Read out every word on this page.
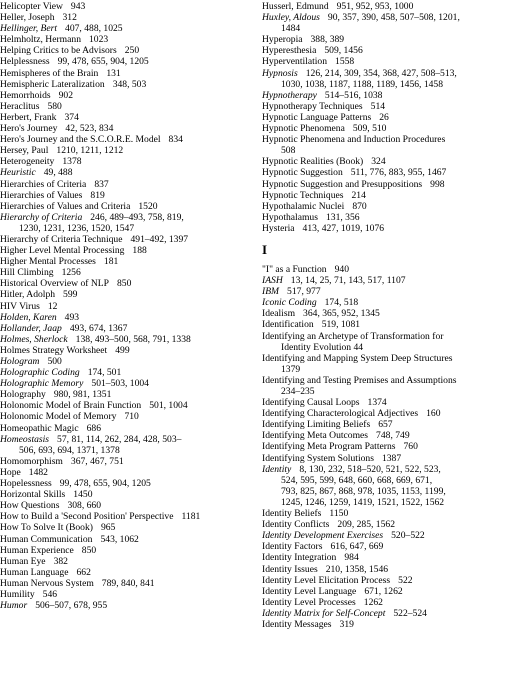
Helicopter View 943
Heller, Joseph 312
Hellinger, Bert 407, 488, 1025
Helmholtz, Hermann 1023
Helping Critics to be Advisors 250
Helplessness 99, 478, 655, 904, 1205
Hemispheres of the Brain 131
Hemispheric Lateralization 348, 503
Hemorrhoids 902
Heraclitus 580
Herbert, Frank 374
Hero's Journey 42, 523, 834
Hero's Journey and the S.C.O.R.E. Model 834
Hersey, Paul 1210, 1211, 1212
Heterogeneity 1378
Heuristic 49, 488
Hierarchies of Criteria 837
Hierarchies of Values 819
Hierarchies of Values and Criteria 1520
Hierarchy of Criteria 246, 489–493, 758, 819,
1230, 1231, 1236, 1520, 1547
Hierarchy of Criteria Technique 491–492, 1397
Higher Level Mental Processing 188
Higher Mental Processes 181
Hill Climbing 1256
Historical Overview of NLP 850
Hitler, Adolph 599
HIV Virus 12
Holden, Karen 493
Hollander, Jaap 493, 674, 1367
Holmes, Sherlock 138, 493–500, 568, 791, 1338
Holmes Strategy Worksheet 499
Hologram 500
Holographic Coding 174, 501
Holographic Memory 501–503, 1004
Holography 980, 981, 1351
Holonomic Model of Brain Function 501, 1004
Holonomic Model of Memory 710
Homeopathic Magic 686
Homeostasis 57, 81, 114, 262, 284, 428, 503–
506, 693, 694, 1371, 1378
Homomorphism 367, 467, 751
Hope 1482
Hopelessness 99, 478, 655, 904, 1205
Horizontal Skills 1450
How Questions 308, 660
How to Build a 'Second Position' Perspective 1181
How To Solve It (Book) 965
Human Communication 543, 1062
Human Experience 850
Human Eye 382
Human Language 662
Human Nervous System 789, 840, 841
Humility 546
Humor 506–507, 678, 955
Husserl, Edmund 951, 952, 953, 1000
Huxley, Aldous 90, 357, 390, 458, 507–508, 1201,
1484
Hyperopia 388, 389
Hyperesthesia 509, 1456
Hyperventilation 1558
Hypnosis 126, 214, 309, 354, 368, 427, 508–513,
1030, 1038, 1187, 1188, 1189, 1456, 1458
Hypnotherapy 514–516, 1038
Hypnotherapy Techniques 514
Hypnotic Language Patterns 26
Hypnotic Phenomena 509, 510
Hypnotic Phenomena and Induction Procedures
508
Hypnotic Realities (Book) 324
Hypnotic Suggestion 511, 776, 883, 955, 1467
Hypnotic Suggestion and Presuppositions 998
Hypnotic Techniques 214
Hypothalamic Nuclei 870
Hypothalamus 131, 356
Hysteria 413, 427, 1019, 1076
I
"I" as a Function 940
IASH 13, 14, 25, 71, 143, 517, 1107
IBM 517, 977
Iconic Coding 174, 518
Idealism 364, 365, 952, 1345
Identification 519, 1081
Identifying an Archetype of Transformation for
Identity Evolution 44
Identifying and Mapping System Deep Structures
1379
Identifying and Testing Premises and Assumptions
234–235
Identifying Causal Loops 1374
Identifying Characterological Adjectives 160
Identifying Limiting Beliefs 657
Identifying Meta Outcomes 748, 749
Identifying Meta Program Patterns 760
Identifying System Solutions 1387
Identity 8, 130, 232, 518–520, 521, 522, 523,
524, 595, 599, 648, 660, 668, 669, 671,
793, 825, 867, 868, 978, 1035, 1153, 1199,
1245, 1246, 1259, 1419, 1521, 1522, 1562
Identity Beliefs 1150
Identity Conflicts 209, 285, 1562
Identity Development Exercises 520–522
Identity Factors 616, 647, 669
Identity Integration 984
Identity Issues 210, 1358, 1546
Identity Level Elicitation Process 522
Identity Level Language 671, 1262
Identity Level Processes 1262
Identity Matrix for Self-Concept 522–524
Identity Messages 319
